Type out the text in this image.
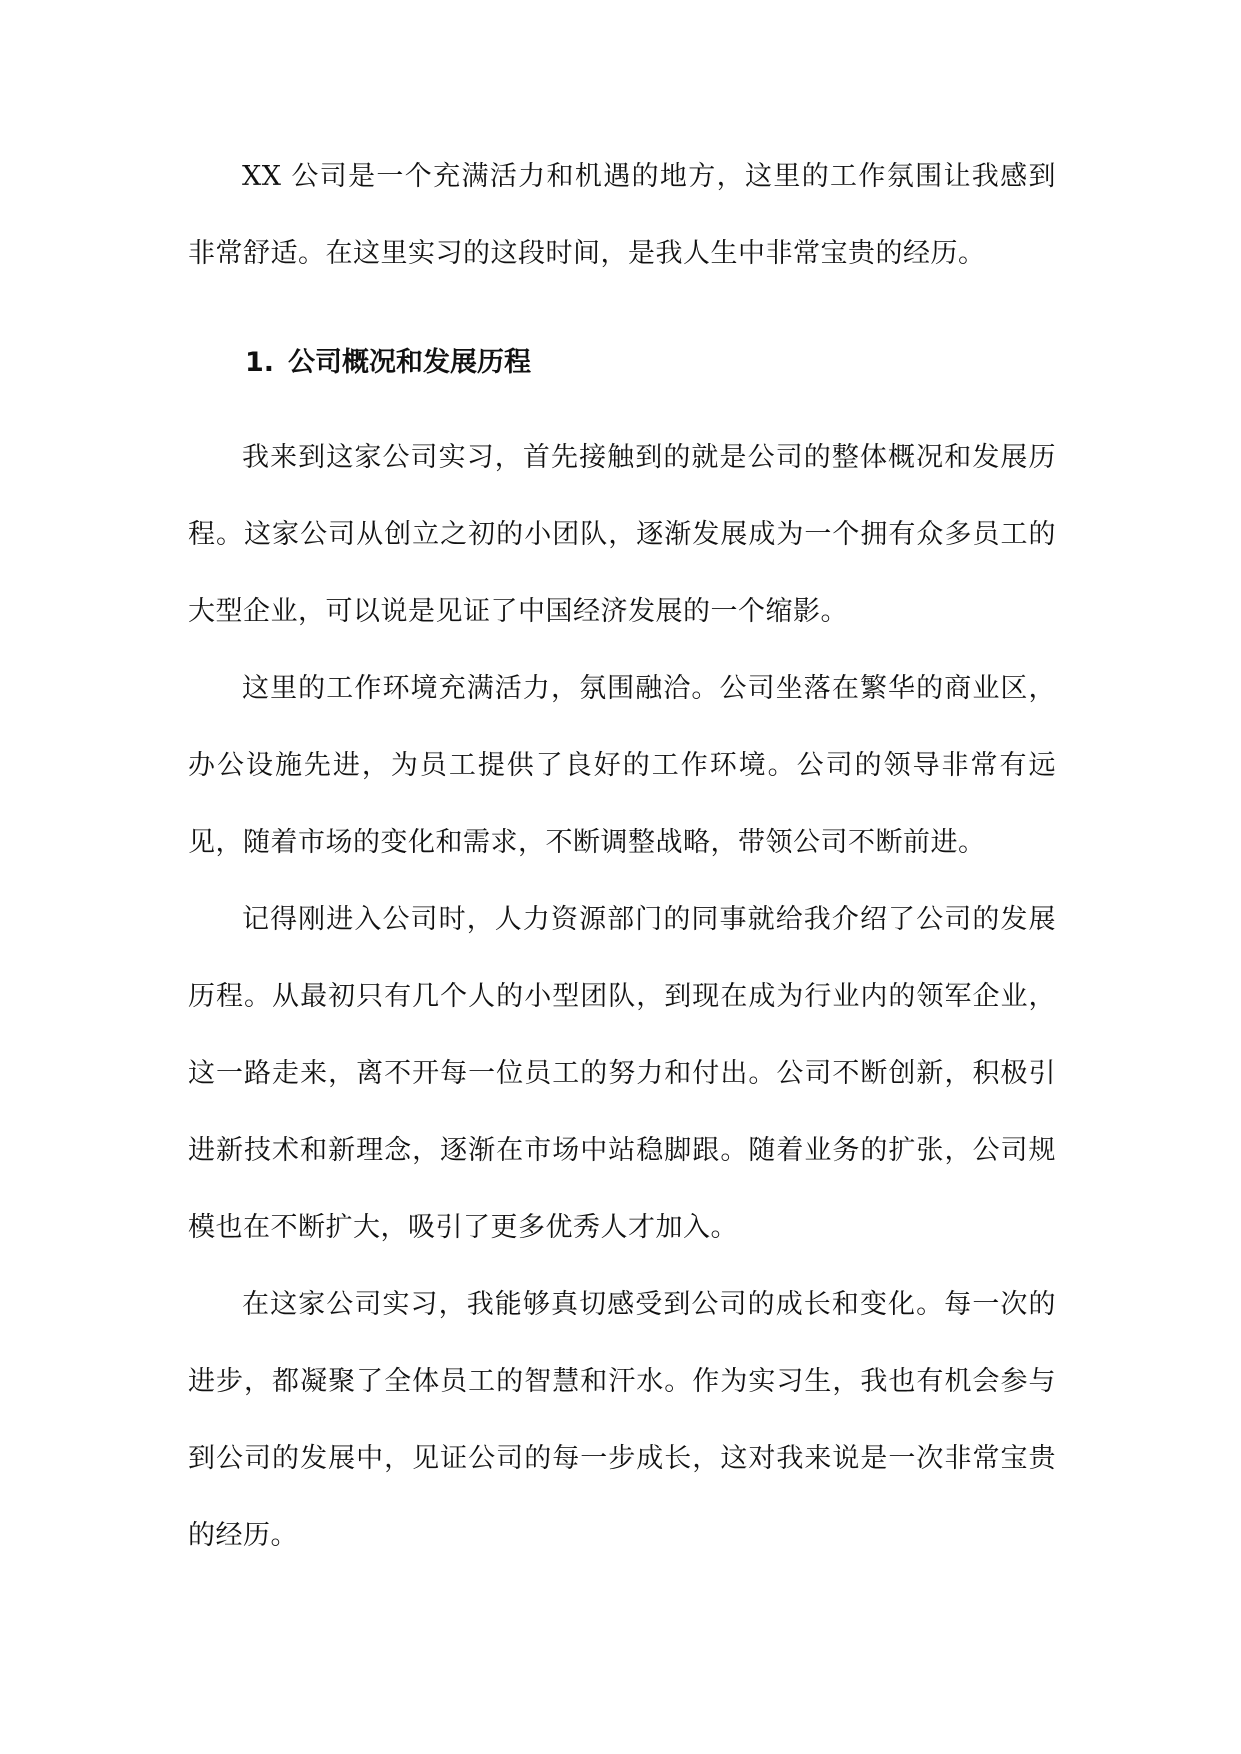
XX 公司是一个充满活力和机遇的地方，这里的工作氛围让我感到非常舒适。在这里实习的这段时间，是我人生中非常宝贵的经历。

1. 公司概况和发展历程

我来到这家公司实习，首先接触到的就是公司的整体概况和发展历程。这家公司从创立之初的小团队，逐渐发展成为一个拥有众多员工的大型企业，可以说是见证了中国经济发展的一个缩影。

这里的工作环境充满活力，氛围融洽。公司坐落在繁华的商业区，办公设施先进，为员工提供了良好的工作环境。公司的领导非常有远见，随着市场的变化和需求，不断调整战略，带领公司不断前进。

记得刚进入公司时，人力资源部门的同事就给我介绍了公司的发展历程。从最初只有几个人的小型团队，到现在成为行业内的领军企业，这一路走来，离不开每一位员工的努力和付出。公司不断创新，积极引进新技术和新理念，逐渐在市场中站稳脚跟。随着业务的扩张，公司规模也在不断扩大，吸引了更多优秀人才加入。

在这家公司实习，我能够真切感受到公司的成长和变化。每一次的进步，都凝聚了全体员工的智慧和汗水。作为实习生，我也有机会参与到公司的发展中，见证公司的每一步成长，这对我来说是一次非常宝贵的经历。
